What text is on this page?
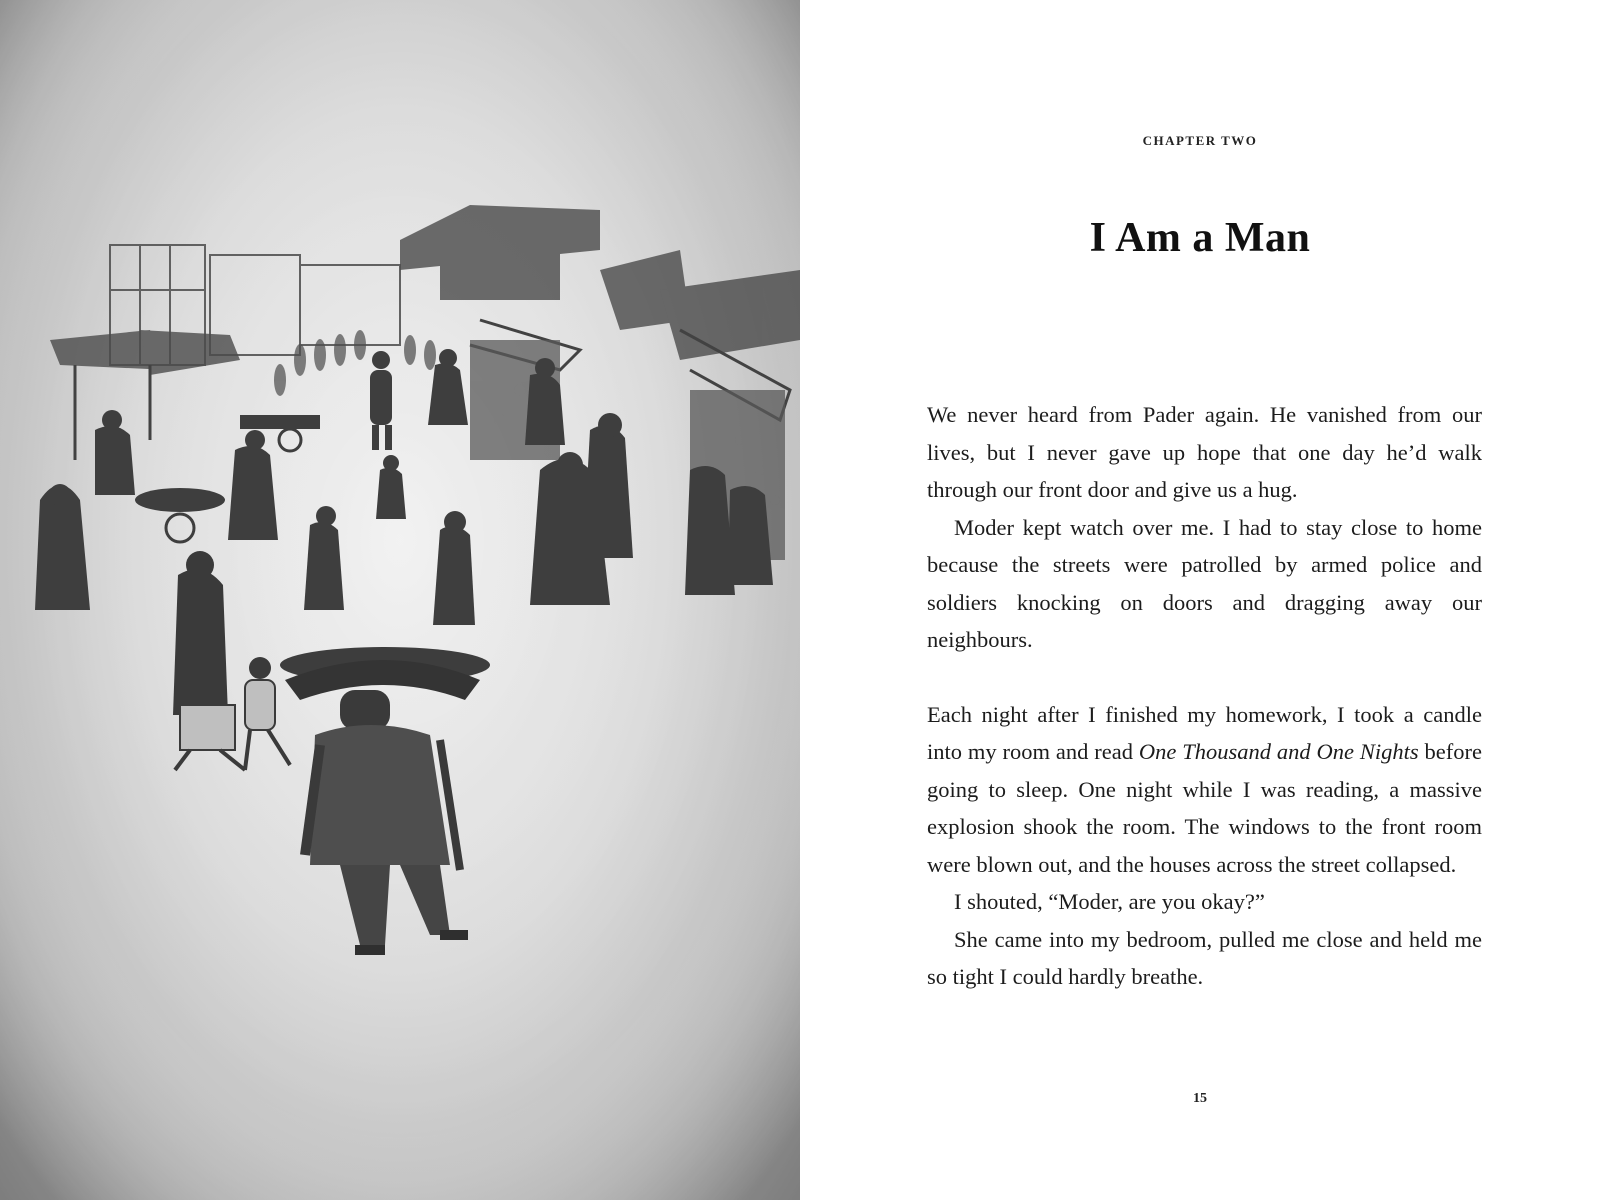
CHAPTER TWO
I Am a Man

We never heard from Pader again. He vanished from our lives, but I never gave up hope that one day he’d walk through our front door and give us a hug.

Moder kept watch over me. I had to stay close to home because the streets were patrolled by armed police and soldiers knocking on doors and dragging away our neighbours.

Each night after I finished my homework, I took a candle into my room and read One Thousand and One Nights before going to sleep. One night while I was reading, a massive explosion shook the room. The windows to the front room were blown out, and the houses across the street collapsed.

I shouted, “Moder, are you okay?”

She came into my bedroom, pulled me close and held me so tight I could hardly breathe.

15
